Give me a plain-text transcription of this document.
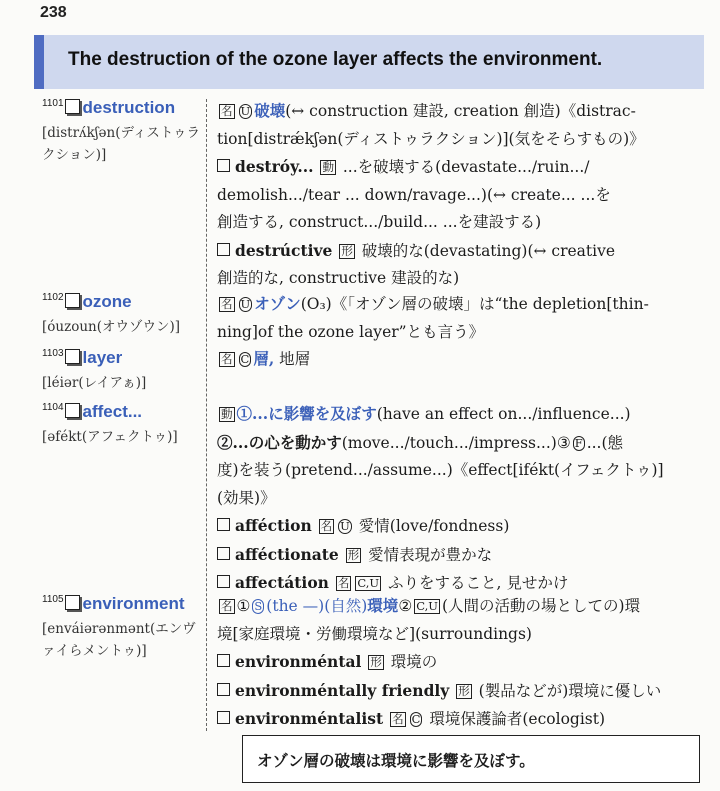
238
The destruction of the ozone layer affects the environment.
$^{1101}$ destruction
[distrʌ́kʃən(ディストゥラクション)]
名 U 破壊(↔ construction 建設, creation 創造)《distrac-
tion[distrǽkʃən(ディストゥラクション)](気をそらすもの)》
destróy... 動 ...を破壊する(devastate.../ruin.../
demolish.../tear ... down/ravage...)(↔ create... ...を
創造する, construct.../build... ...を建設する)
destrúctive 形 破壊的な(devastating)(↔ creative
創造的な, constructive 建設的な)
$^{1102}$ ozone
[óuzoun(オウゾウン)]
名 U オゾン(O₃)《「オゾン層の破壊」は“the depletion[thin-
ning]of the ozone layer”とも言う》
$^{1103}$ layer
[léiər(レイアぁ)]
名 C 層, 地層
$^{1104}$ affect...
[əfékt(アフェクトゥ)]
動 ①...に影響を及ぼす(have an effect on.../influence...)
②...の心を動かす(move.../touch.../impress...)③ F ...(態
度)を装う(pretend.../assume...)《effect[ifékt(イフェクトゥ)]
(効果)》
afféction 名 U 愛情(love/fondness)
afféctionate 形 愛情表現が豊かな
affectátion 名 C,U ふりをすること, 見せかけ
$^{1105}$ environment
[enváiərənmənt(エンヴァイらメントゥ)]
名 ① S (the —)(自然)環境② C,U (人間の活動の場としての)環
境[家庭環境・労働環境など](surroundings)
environméntal 形 環境の
environméntally friendly 形 (製品などが)環境に優しい
environméntalist 名 C 環境保護論者(ecologist)
オゾン層の破壊は環境に影響を及ぼす。
